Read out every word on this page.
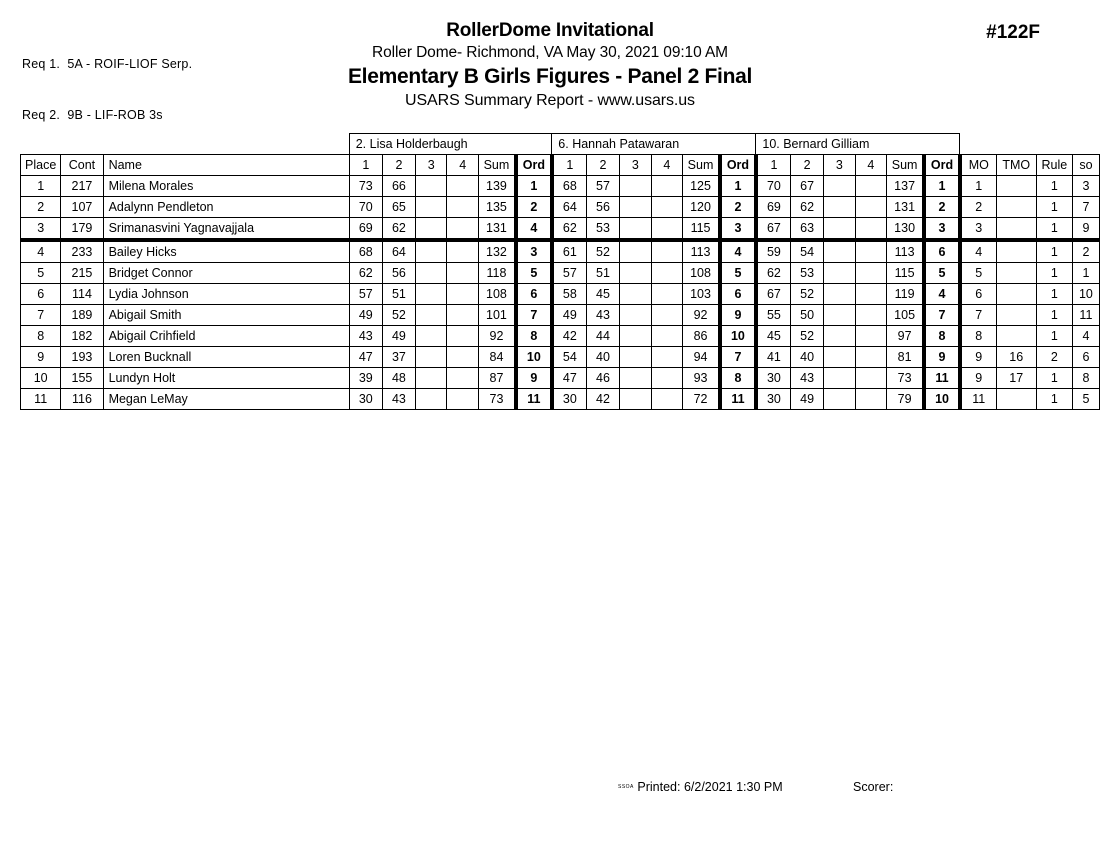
Req 1.  5A - ROIF-LIOF Serp.

Req 2.  9B - LIF-ROB 3s

RollerDome Invitational
Roller Dome- Richmond, VA May 30, 2021 09:10 AM
Elementary B Girls Figures - Panel 2 Final
USARS Summary Report - www.usars.us
#122F
			2. Lisa Holderbaugh						6. Hannah Patawaran						10. Bernard Gilliam									
Place	Cont	Name	1	2	3	4	Sum	Ord	1	2	3	4	Sum	Ord	1	2	3	4	Sum	Ord	MO	TMO	Rule	so
1	217	Milena Morales	73	66			139	1	68	57			125	1	70	67			137	1	1		1	3
2	107	Adalynn Pendleton	70	65			135	2	64	56			120	2	69	62			131	2	2		1	7
3	179	Srimanasvini Yagnavajjala	69	62			131	4	62	53			115	3	67	63			130	3	3		1	9
4	233	Bailey Hicks	68	64			132	3	61	52			113	4	59	54			113	6	4		1	2
5	215	Bridget Connor	62	56			118	5	57	51			108	5	62	53			115	5	5		1	1
6	114	Lydia Johnson	57	51			108	6	58	45			103	6	67	52			119	4	6		1	10
7	189	Abigail Smith	49	52			101	7	49	43			92	9	55	50			105	7	7		1	11
8	182	Abigail Crihfield	43	49			92	8	42	44			86	10	45	52			97	8	8		1	4
9	193	Loren Bucknall	47	37			84	10	54	40			94	7	41	40			81	9	9	16	2	6
10	155	Lundyn Holt	39	48			87	9	47	46			93	8	30	43			73	11	9	17	1	8
11	116	Megan LeMay	30	43			73	11	30	42			72	11	30	49			79	10	11		1	5
$^{SSOA}$ Printed: 6/2/2021 1:30 PM	Scorer:
